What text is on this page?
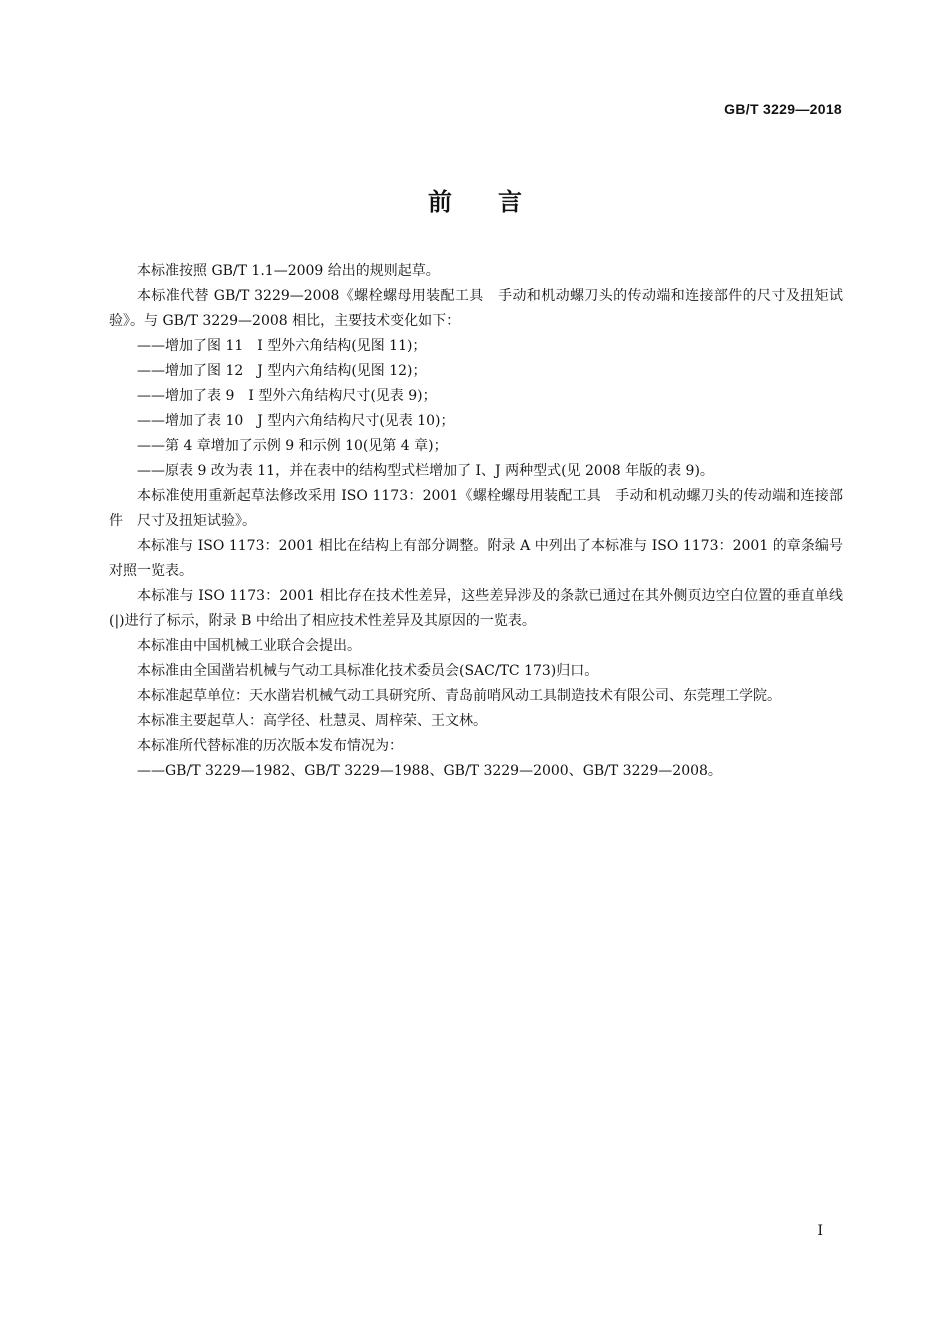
GB/T 3229—2018
前言

本标准按照 GB/T 1.1—2009 给出的规则起草。

本标准代替 GB/T 3229—2008《螺栓螺母用装配工具　手动和机动螺刀头的传动端和连接部件的尺寸及扭矩试验》。与 GB/T 3229—2008 相比，主要技术变化如下：

——增加了图 11　I 型外六角结构(见图 11)；

——增加了图 12　J 型内六角结构(见图 12)；

——增加了表 9　I 型外六角结构尺寸(见表 9)；

——增加了表 10　J 型内六角结构尺寸(见表 10)；

——第 4 章增加了示例 9 和示例 10(见第 4 章)；

——原表 9 改为表 11，并在表中的结构型式栏增加了 I、J 两种型式(见 2008 年版的表 9)。

本标准使用重新起草法修改采用 ISO 1173：2001《螺栓螺母用装配工具　手动和机动螺刀头的传动端和连接部件　尺寸及扭矩试验》。

本标准与 ISO 1173：2001 相比在结构上有部分调整。附录 A 中列出了本标准与 ISO 1173：2001 的章条编号对照一览表。

本标准与 ISO 1173：2001 相比存在技术性差异，这些差异涉及的条款已通过在其外侧页边空白位置的垂直单线(|)进行了标示，附录 B 中给出了相应技术性差异及其原因的一览表。

本标准由中国机械工业联合会提出。

本标准由全国凿岩机械与气动工具标准化技术委员会(SAC/TC 173)归口。

本标准起草单位：天水凿岩机械气动工具研究所、青岛前哨风动工具制造技术有限公司、东莞理工学院。

本标准主要起草人：高学径、杜慧灵、周梓荣、王文林。

本标准所代替标准的历次版本发布情况为：

——GB/T 3229—1982、GB/T 3229—1988、GB/T 3229—2000、GB/T 3229—2008。

I
